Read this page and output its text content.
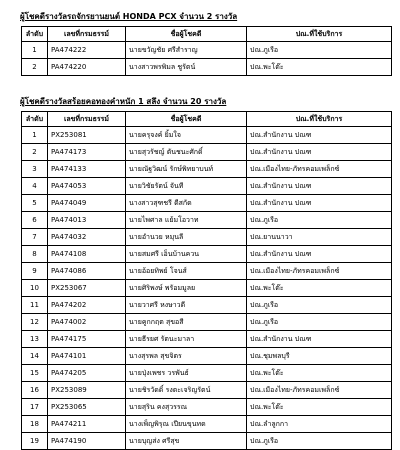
ผู้โชคดีรางวัลรถจักรยานยนต์ HONDA PCX จำนวน 2 รางวัล
ลำดับ	เลขที่กรมธรรม์	ชื่อผู้โชคดี	ปณ.ที่ใช้บริการ
1	PA474222	นายขวัญชัย ศรีสำราญ	ปณ.ภูเรือ
2	PA474220	นางสาวพรพิมล ชูรัตน์	ปณ.พะโต๊ะ
ผู้โชคดีรางวัลสร้อยคอทองคำหนัก 1 สลึง จำนวน 20 รางวัล
ลำดับ	เลขที่กรมธรรม์	ชื่อผู้โชคดี	ปณ.ที่ใช้บริการ
1	PX253081	นายครุจงค์ ยิ้มใจ	ปณ.สำนักงาน ปณฑ
2	PA474173	นายสุวรัชญ์ ตันชนะศักดิ์	ปณ.สำนักงาน ปณฑ
3	PA474133	นายณัฐวิฒน์ รักษ์พิทยาบนท์	ปณ.เมืองไทย-ภัทรคอมเพล็กซ์
4	PA474053	นายวิชัยรัตน์ จันที	ปณ.สำนักงาน ปณฑ
5	PA474049	นางสาวสุฑชรี ดีสกัด	ปณ.สำนักงาน ปณฑ
6	PA474013	นายไพศาล แย้มโอวาท	ปณ.ภูเรือ
7	PA474032	นายอำนวย หมุนลี	ปณ.ยานนาวา
8	PA474108	นายสมศรี เอ็นบ้านควน	ปณ.สำนักงาน ปณฑ
9	PA474086	นายอ้อยทิพย์ โจนส์	ปณ.เมืองไทย-ภัทรคอมเพล็กซ์
10	PX253067	นายศิริพงษ์ พรัอมมูลย	ปณ.พะโต๊ะ
11	PA474202	นายวาศรี หงษาวดี	ปณ.ภูเรือ
12	PA474002	นายคูกกฤต สุขอสี	ปณ.ภูเรือ
13	PA474175	นายธีรยศ รัตนะมาลา	ปณ.สำนักงาน ปณฑ
14	PA474101	นางสุรพล สุขจิตร	ปณ.ชุมพลบุรี
15	PA474205	นายปุ่งเพชร วรพันธ์	ปณ.พะโต๊ะ
16	PX253089	นายชิรวัดดิ์ รงตะเจริญรัตน์	ปณ.เมืองไทย-ภัทรคอมเพล็กซ์
17	PX253065	นายสุริน คงสุวรรณ	ปณ.พะโต๊ะ
18	PA474211	นางเพ็ญพิรุณ เปียนขุนทด	ปณ.ลำลูกกา
19	PA474190	นายบุญส่ง ศรีสุข	ปณ.ภูเรือ
